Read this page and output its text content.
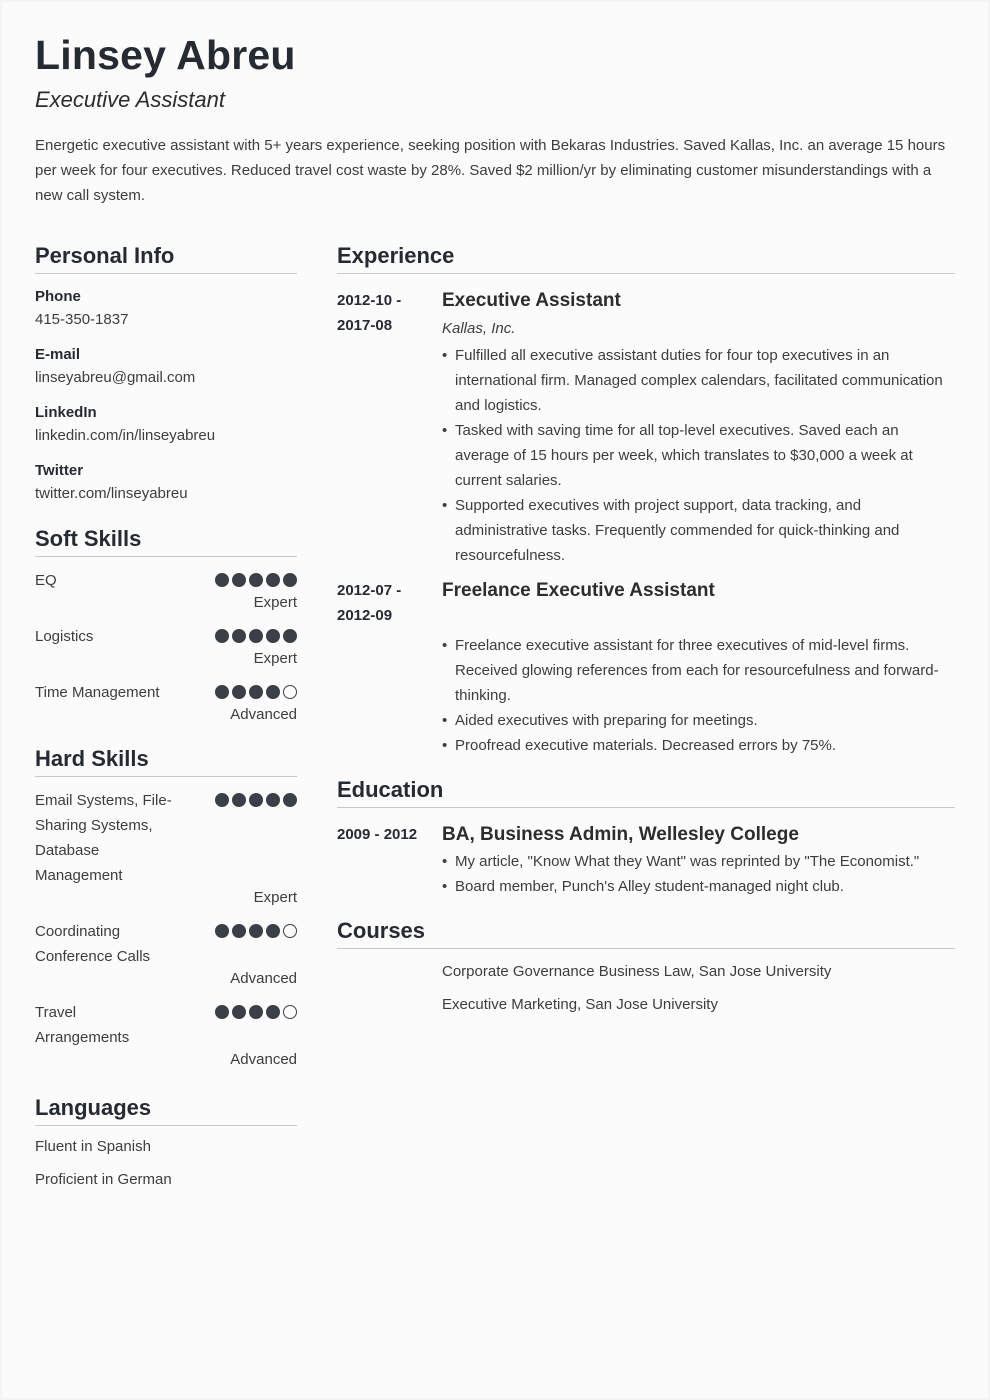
Linsey Abreu
Executive Assistant
Energetic executive assistant with 5+ years experience, seeking position with Bekaras Industries. Saved Kallas, Inc. an average 15 hours per week for four executives. Reduced travel cost waste by 28%. Saved $2 million/yr by eliminating customer misunderstandings with a new call system.
Personal Info
Phone
415-350-1837
E-mail
linseyabreu@gmail.com
LinkedIn
linkedin.com/in/linseyabreu
Twitter
twitter.com/linseyabreu
Soft Skills
EQ
Expert
Logistics
Expert
Time Management
Advanced
Hard Skills
Email Systems, File-Sharing Systems, Database Management
Expert
Coordinating Conference Calls
Advanced
Travel Arrangements
Advanced
Languages
Fluent in Spanish
Proficient in German
Experience
2012-10 - 2017-08
Executive Assistant
Kallas, Inc.
• Fulfilled all executive assistant duties for four top executives in an international firm. Managed complex calendars, facilitated communication and logistics.
• Tasked with saving time for all top-level executives. Saved each an average of 15 hours per week, which translates to $30,000 a week at current salaries.
• Supported executives with project support, data tracking, and administrative tasks. Frequently commended for quick-thinking and resourcefulness.
2012-07 - 2012-09
Freelance Executive Assistant
• Freelance executive assistant for three executives of mid-level firms. Received glowing references from each for resourcefulness and forward-thinking.
• Aided executives with preparing for meetings.
• Proofread executive materials. Decreased errors by 75%.
Education
2009 - 2012	BA, Business Admin, Wellesley College
• My article, "Know What they Want" was reprinted by "The Economist."
• Board member, Punch's Alley student-managed night club.
Courses
Corporate Governance Business Law, San Jose University
Executive Marketing, San Jose University
